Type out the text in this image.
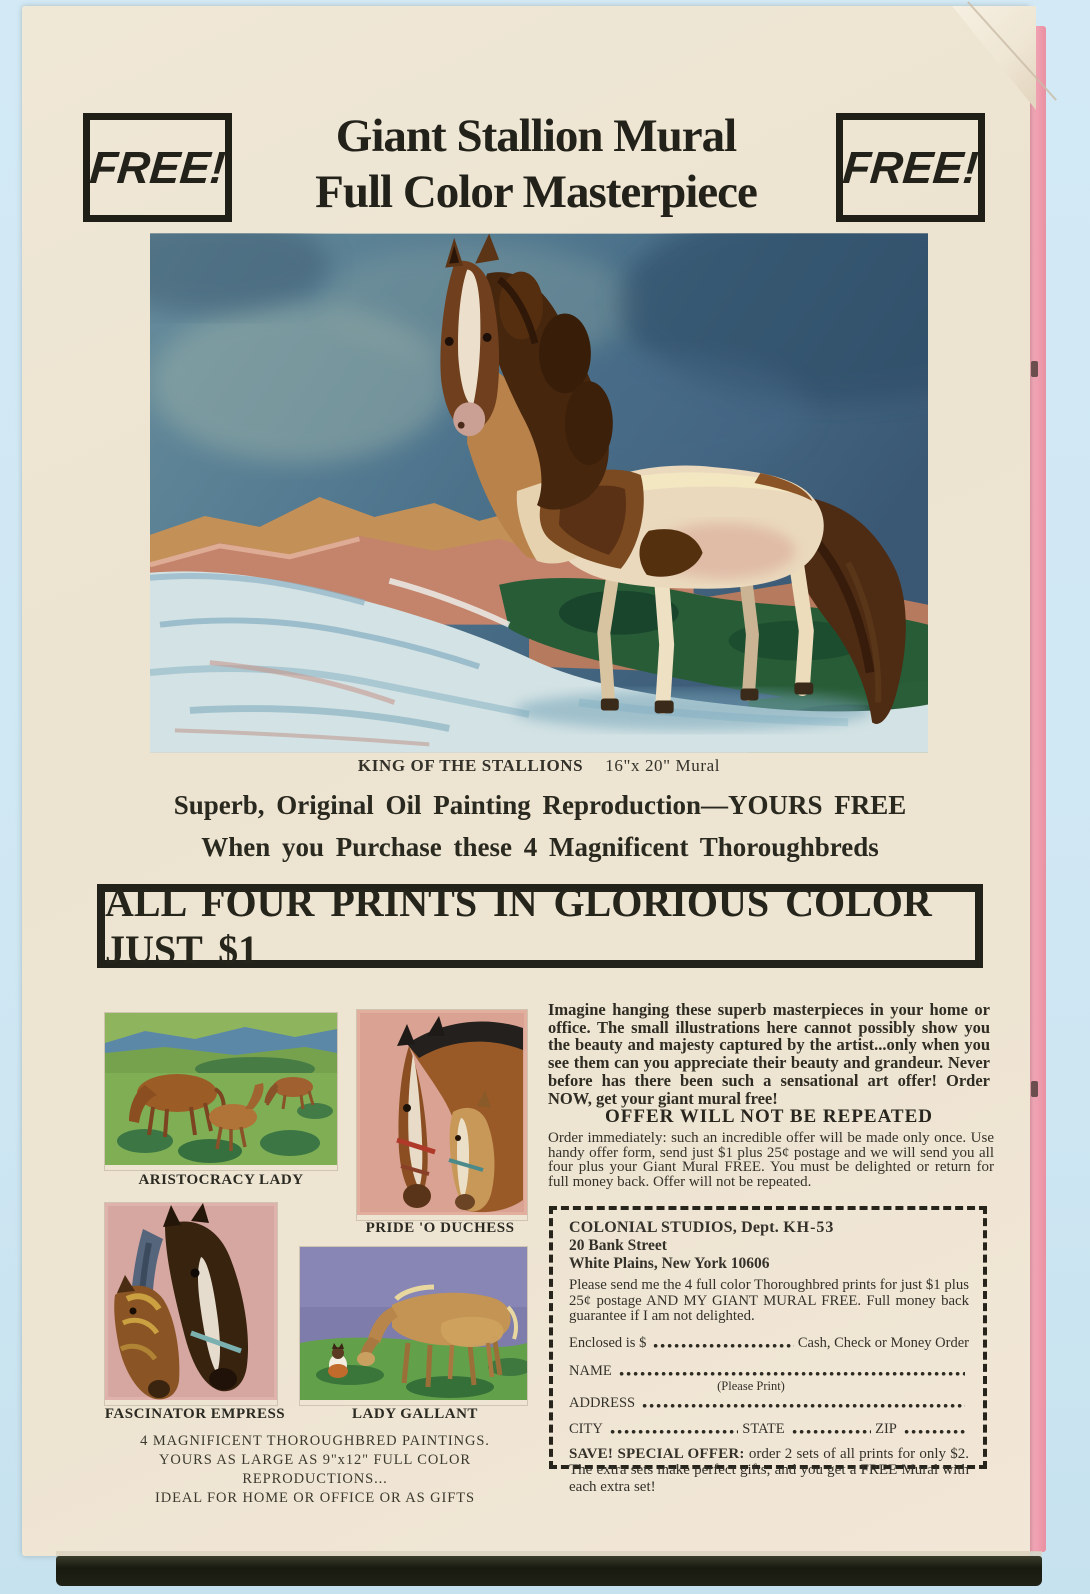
FREE!	FREE!
Giant Stallion Mural
Full Color Masterpiece
KING OF THE STALLIONS 16"x 20" Mural
Superb, Original Oil Painting Reproduction—YOURS FREE
When you Purchase these 4 Magnificent Thoroughbreds
ALL FOUR PRINTS IN GLORIOUS COLOR JUST $1
ARISTOCRACY LADY
PRIDE 'O DUCHESS
FASCINATOR EMPRESS	LADY GALLANT
4 MAGNIFICENT THOROUGHBRED PAINTINGS.
YOURS AS LARGE AS 9"x12" FULL COLOR REPRODUCTIONS...
IDEAL FOR HOME OR OFFICE OR AS GIFTS
Imagine hanging these superb masterpieces in your home or office. The small illustrations here cannot possibly show you the beauty and majesty captured by the artist...only when you see them can you appreciate their beauty and grandeur. Never before has there been such a sensational art offer! Order NOW, get your giant mural free!
OFFER WILL NOT BE REPEATED
Order immediately: such an incredible offer will be made only once. Use handy offer form, send just $1 plus 25¢ postage and we will send you all four plus your Giant Mural FREE. You must be delighted or return for full money back. Offer will not be repeated.
COLONIAL STUDIOS, Dept. KH-53
20 Bank Street
White Plains, New York 10606
Please send me the 4 full color Thoroughbred prints for just $1 plus 25¢ postage AND MY GIANT MURAL FREE. Full money back guarantee if I am not delighted.
Enclosed is $	Cash, Check or Money Order
NAME
(Please Print)
ADDRESS
CITY	STATE	ZIP
SAVE! SPECIAL OFFER: order 2 sets of all prints for only $2. The extra sets make perfect gifts, and you get a FREE Mural with each extra set!
